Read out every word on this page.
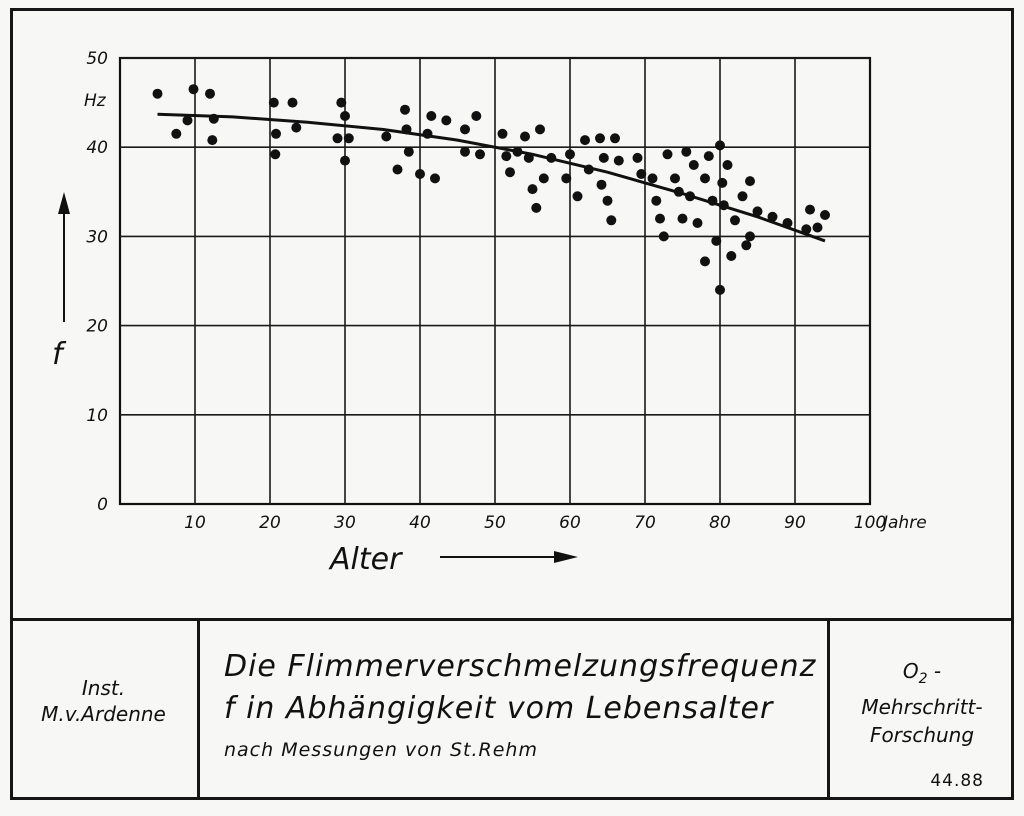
10	20	30	40	50	60	70	80	90	100
0
10
20
30
40
50
Hz
Jahre
f
Alter
Inst.
M.v.Ardenne
Die Flimmerverschmelzungsfrequenz
f in Abhängigkeit vom Lebensalter
nach Messungen von St.Rehm
$O_2$ -
Mehrschritt-
Forschung
44.88
